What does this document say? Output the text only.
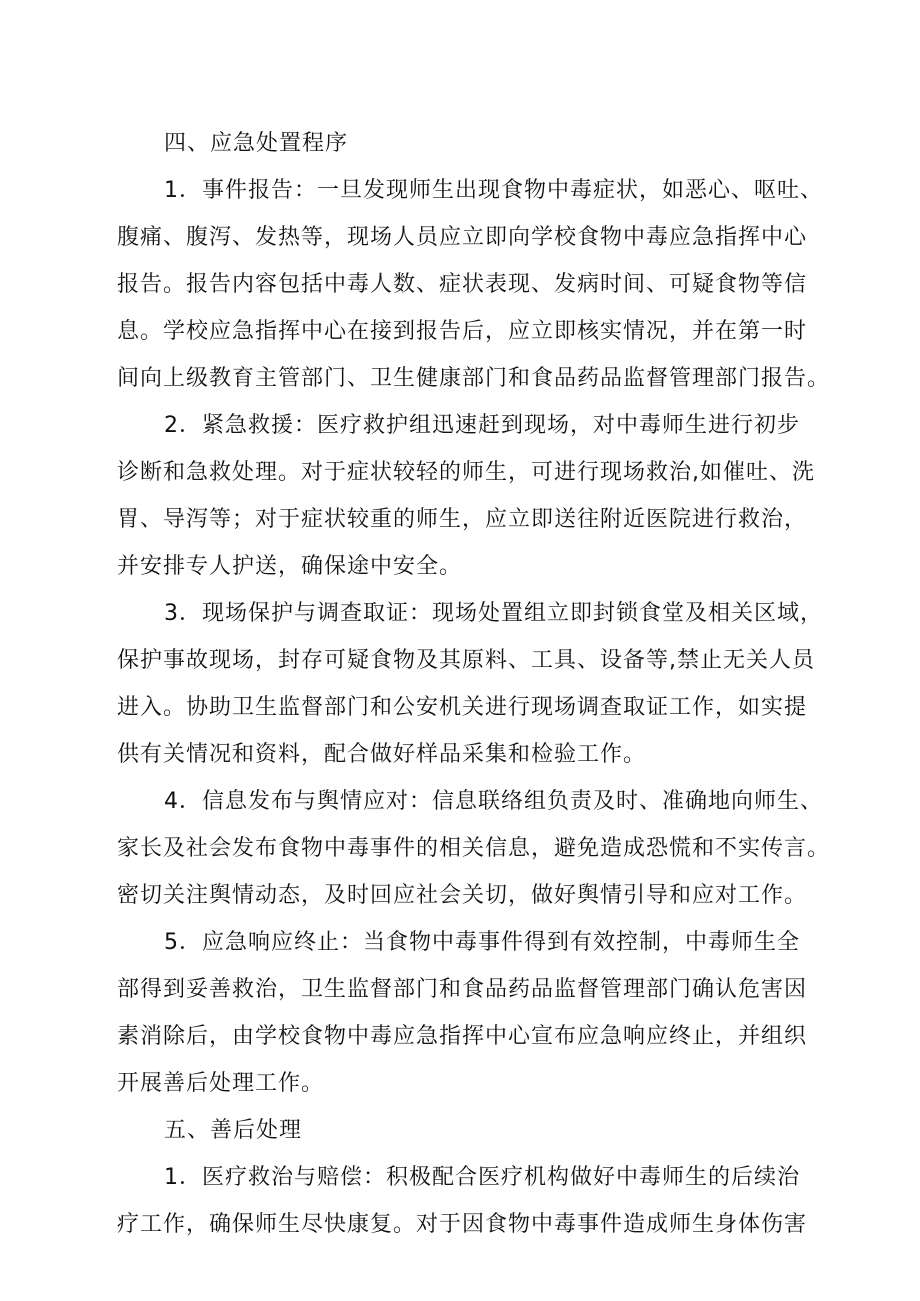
四、应急处置程序
1．事件报告：一旦发现师生出现食物中毒症状，如恶心、呕吐、
腹痛、腹泻、发热等，现场人员应立即向学校食物中毒应急指挥中心
报告。报告内容包括中毒人数、症状表现、发病时间、可疑食物等信
息。学校应急指挥中心在接到报告后，应立即核实情况，并在第一时
间向上级教育主管部门、卫生健康部门和食品药品监督管理部门报告。
2．紧急救援：医疗救护组迅速赶到现场，对中毒师生进行初步
诊断和急救处理。对于症状较轻的师生，可进行现场救治,如催吐、洗
胃、导泻等；对于症状较重的师生，应立即送往附近医院进行救治，
并安排专人护送，确保途中安全。
3．现场保护与调查取证：现场处置组立即封锁食堂及相关区域，
保护事故现场，封存可疑食物及其原料、工具、设备等,禁止无关人员
进入。协助卫生监督部门和公安机关进行现场调查取证工作，如实提
供有关情况和资料，配合做好样品采集和检验工作。
4．信息发布与舆情应对：信息联络组负责及时、准确地向师生、
家长及社会发布食物中毒事件的相关信息，避免造成恐慌和不实传言。
密切关注舆情动态，及时回应社会关切，做好舆情引导和应对工作。
5．应急响应终止：当食物中毒事件得到有效控制，中毒师生全
部得到妥善救治，卫生监督部门和食品药品监督管理部门确认危害因
素消除后，由学校食物中毒应急指挥中心宣布应急响应终止，并组织
开展善后处理工作。
五、善后处理
1．医疗救治与赔偿：积极配合医疗机构做好中毒师生的后续治
疗工作，确保师生尽快康复。对于因食物中毒事件造成师生身体伤害
